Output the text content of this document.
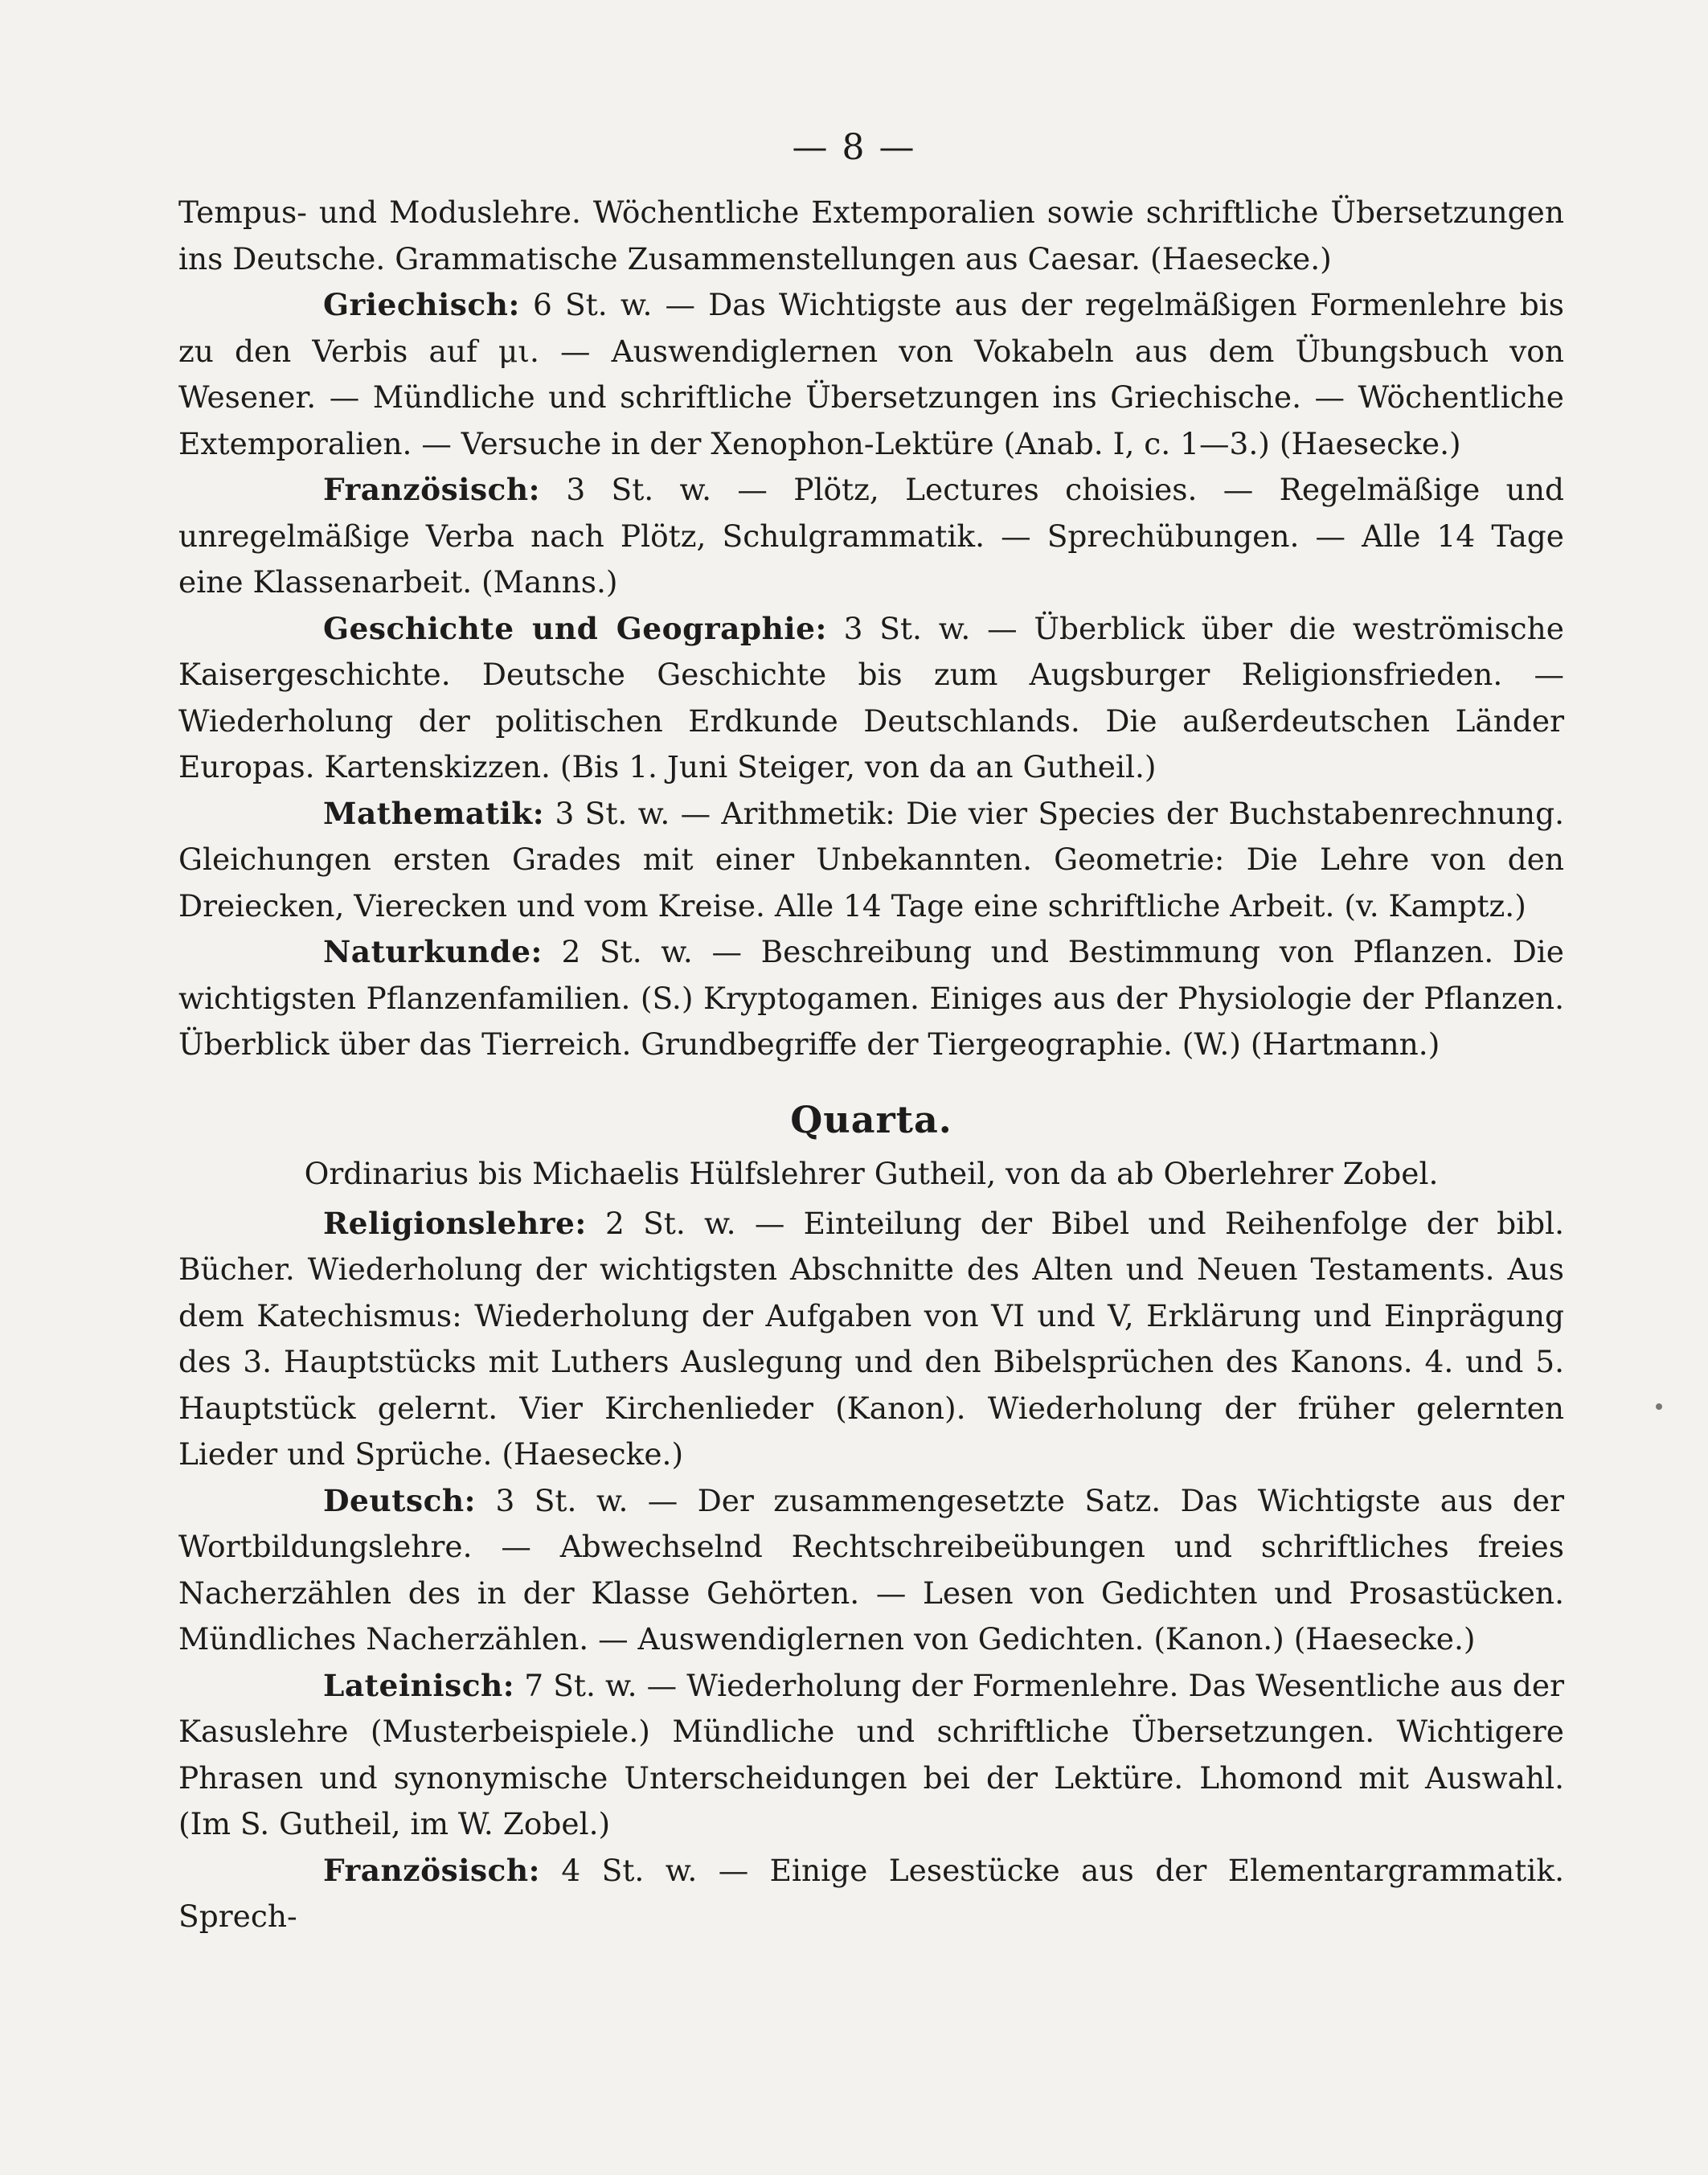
— 8 —

Tempus- und Moduslehre. Wöchentliche Extemporalien sowie schriftliche Übersetzungen ins Deutsche. Grammatische Zusammenstellungen aus Caesar. (Haesecke.)

Griechisch: 6 St. w. — Das Wichtigste aus der regelmäßigen Formenlehre bis zu den Verbis auf μι. — Auswendiglernen von Vokabeln aus dem Übungsbuch von Wesener. — Mündliche und schriftliche Übersetzungen ins Griechische. — Wöchentliche Extemporalien. — Versuche in der Xenophon-Lektüre (Anab. I, c. 1—3.) (Haesecke.)

Französisch: 3 St. w. — Plötz, Lectures choisies. — Regelmäßige und unregelmäßige Verba nach Plötz, Schulgrammatik. — Sprechübungen. — Alle 14 Tage eine Klassenarbeit. (Manns.)

Geschichte und Geographie: 3 St. w. — Überblick über die weströmische Kaisergeschichte. Deutsche Geschichte bis zum Augsburger Religionsfrieden. — Wiederholung der politischen Erdkunde Deutschlands. Die außerdeutschen Länder Europas. Kartenskizzen. (Bis 1. Juni Steiger, von da an Gutheil.)

Mathematik: 3 St. w. — Arithmetik: Die vier Species der Buchstabenrechnung. Gleichungen ersten Grades mit einer Unbekannten. Geometrie: Die Lehre von den Dreiecken, Vierecken und vom Kreise. Alle 14 Tage eine schriftliche Arbeit. (v. Kamptz.)

Naturkunde: 2 St. w. — Beschreibung und Bestimmung von Pflanzen. Die wichtigsten Pflanzenfamilien. (S.) Kryptogamen. Einiges aus der Physiologie der Pflanzen. Überblick über das Tierreich. Grundbegriffe der Tiergeographie. (W.) (Hartmann.)

Quarta.

Ordinarius bis Michaelis Hülfslehrer Gutheil, von da ab Oberlehrer Zobel.

Religionslehre: 2 St. w. — Einteilung der Bibel und Reihenfolge der bibl. Bücher. Wiederholung der wichtigsten Abschnitte des Alten und Neuen Testaments. Aus dem Katechismus: Wiederholung der Aufgaben von VI und V, Erklärung und Einprägung des 3. Hauptstücks mit Luthers Auslegung und den Bibelsprüchen des Kanons. 4. und 5. Hauptstück gelernt. Vier Kirchenlieder (Kanon). Wiederholung der früher gelernten Lieder und Sprüche. (Haesecke.)

Deutsch: 3 St. w. — Der zusammengesetzte Satz. Das Wichtigste aus der Wortbildungslehre. — Abwechselnd Rechtschreibeübungen und schriftliches freies Nacherzählen des in der Klasse Gehörten. — Lesen von Gedichten und Prosastücken. Mündliches Nacherzählen. — Auswendiglernen von Gedichten. (Kanon.) (Haesecke.)

Lateinisch: 7 St. w. — Wiederholung der Formenlehre. Das Wesentliche aus der Kasuslehre (Musterbeispiele.) Mündliche und schriftliche Übersetzungen. Wichtigere Phrasen und synonymische Unterscheidungen bei der Lektüre. Lhomond mit Auswahl. (Im S. Gutheil, im W. Zobel.)

Französisch: 4 St. w. — Einige Lesestücke aus der Elementargrammatik. Sprech-
